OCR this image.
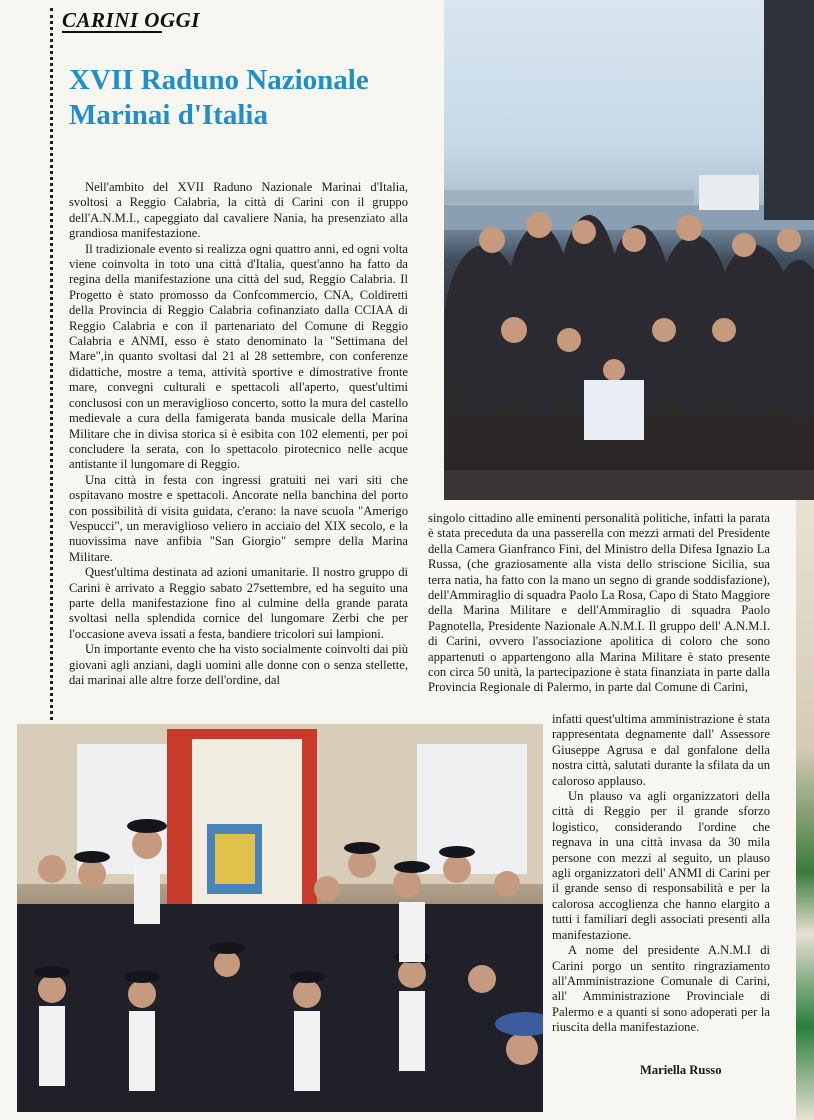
CARINI OGGI
XVII Raduno Nazionale Marinai d'Italia

Nell'ambito del XVII Raduno Nazionale Marinai d'Italia, svoltosi a Reggio Calabria, la città di Carini con il gruppo dell'A.N.M.I., capeggiato dal cavaliere Nania, ha presenziato alla grandiosa manifestazione.

Il tradizionale evento si realizza ogni quattro anni, ed ogni volta viene coinvolta in toto una città d'Italia, quest'anno ha fatto da regina della manifestazione una città del sud, Reggio Calabria. Il Progetto è stato promosso da Confcommercio, CNA, Coldiretti della Provincia di Reggio Calabria cofinanziato dalla CCIAA di Reggio Calabria e con il partenariato del Comune di Reggio Calabria e ANMI, esso è stato denominato la "Settimana del Mare",in quanto svoltasi dal 21 al 28 settembre, con conferenze didattiche, mostre a tema, attività sportive e dimostrative fronte mare, convegni culturali e spettacoli all'aperto, quest'ultimi conclusosi con un meraviglioso concerto, sotto la mura del castello medievale a cura della famigerata banda musicale della Marina Militare che in divisa storica si è esibita con 102 elementi, per poi concludere la serata, con lo spettacolo pirotecnico nelle acque antistante il lungomare di Reggio.

Una città in festa con ingressi gratuiti nei vari siti che ospitavano mostre e spettacoli. Ancorate nella banchina del porto con possibilità di visita guidata, c'erano: la nave scuola "Amerigo Vespucci", un meraviglioso veliero in acciaio del XIX secolo, e la nuovissima nave anfibia "San Giorgio" sempre della Marina Militare.

Quest'ultima destinata ad azioni umanitarie. Il nostro gruppo di Carini è arrivato a Reggio sabato 27settembre, ed ha seguito una parte della manifestazione fino al culmine della grande parata svoltasi nella splendida cornice del lungomare Zerbi che per l'occasione aveva issati a festa, bandiere tricolori sui lampioni.

Un importante evento che ha visto socialmente coinvolti dai più giovani agli anziani, dagli uomini alle donne con o senza stellette, dai marinai alle altre forze dell'ordine, dal

singolo cittadino alle eminenti personalità politiche, infatti la parata è stata preceduta da una passerella con mezzi armati del Presidente della Camera Gianfranco Fini, del Ministro della Difesa Ignazio La Russa, (che graziosamente alla vista dello striscione Sicilia, sua terra natia, ha fatto con la mano un segno di grande soddisfazione), dell'Ammiraglio di squadra Paolo La Rosa, Capo di Stato Maggiore della Marina Militare e dell'Ammiraglio di squadra Paolo Pagnotella, Presidente Nazionale A.N.M.I. Il gruppo dell' A.N.M.I. di Carini, ovvero l'associazione apolitica di coloro che sono appartenuti o appartengono alla Marina Militare è stato presente con circa 50 unità, la partecipazione è stata finanziata in parte dalla Provincia Regionale di Palermo, in parte dal Comune di Carini,

infatti quest'ultima amministrazione è stata rappresentata degnamente dall' Assessore Giuseppe Agrusa e dal gonfalone della nostra città, salutati durante la sfilata da un caloroso applauso.

Un plauso va agli organizzatori della città di Reggio per il grande sforzo logistico, considerando l'ordine che regnava in una città invasa da 30 mila persone con mezzi al seguito, un plauso agli organizzatori dell' ANMI di Carini per il grande senso di responsabilità e per la calorosa accoglienza che hanno elargito a tutti i familiari degli associati presenti alla manifestazione.

A nome del presidente A.N.M.I di Carini porgo un sentito ringraziamento all'Amministrazione Comunale di Carini, all' Amministrazione Provinciale di Palermo e a quanti si sono adoperati per la riuscita della manifestazione.

Mariella Russo
